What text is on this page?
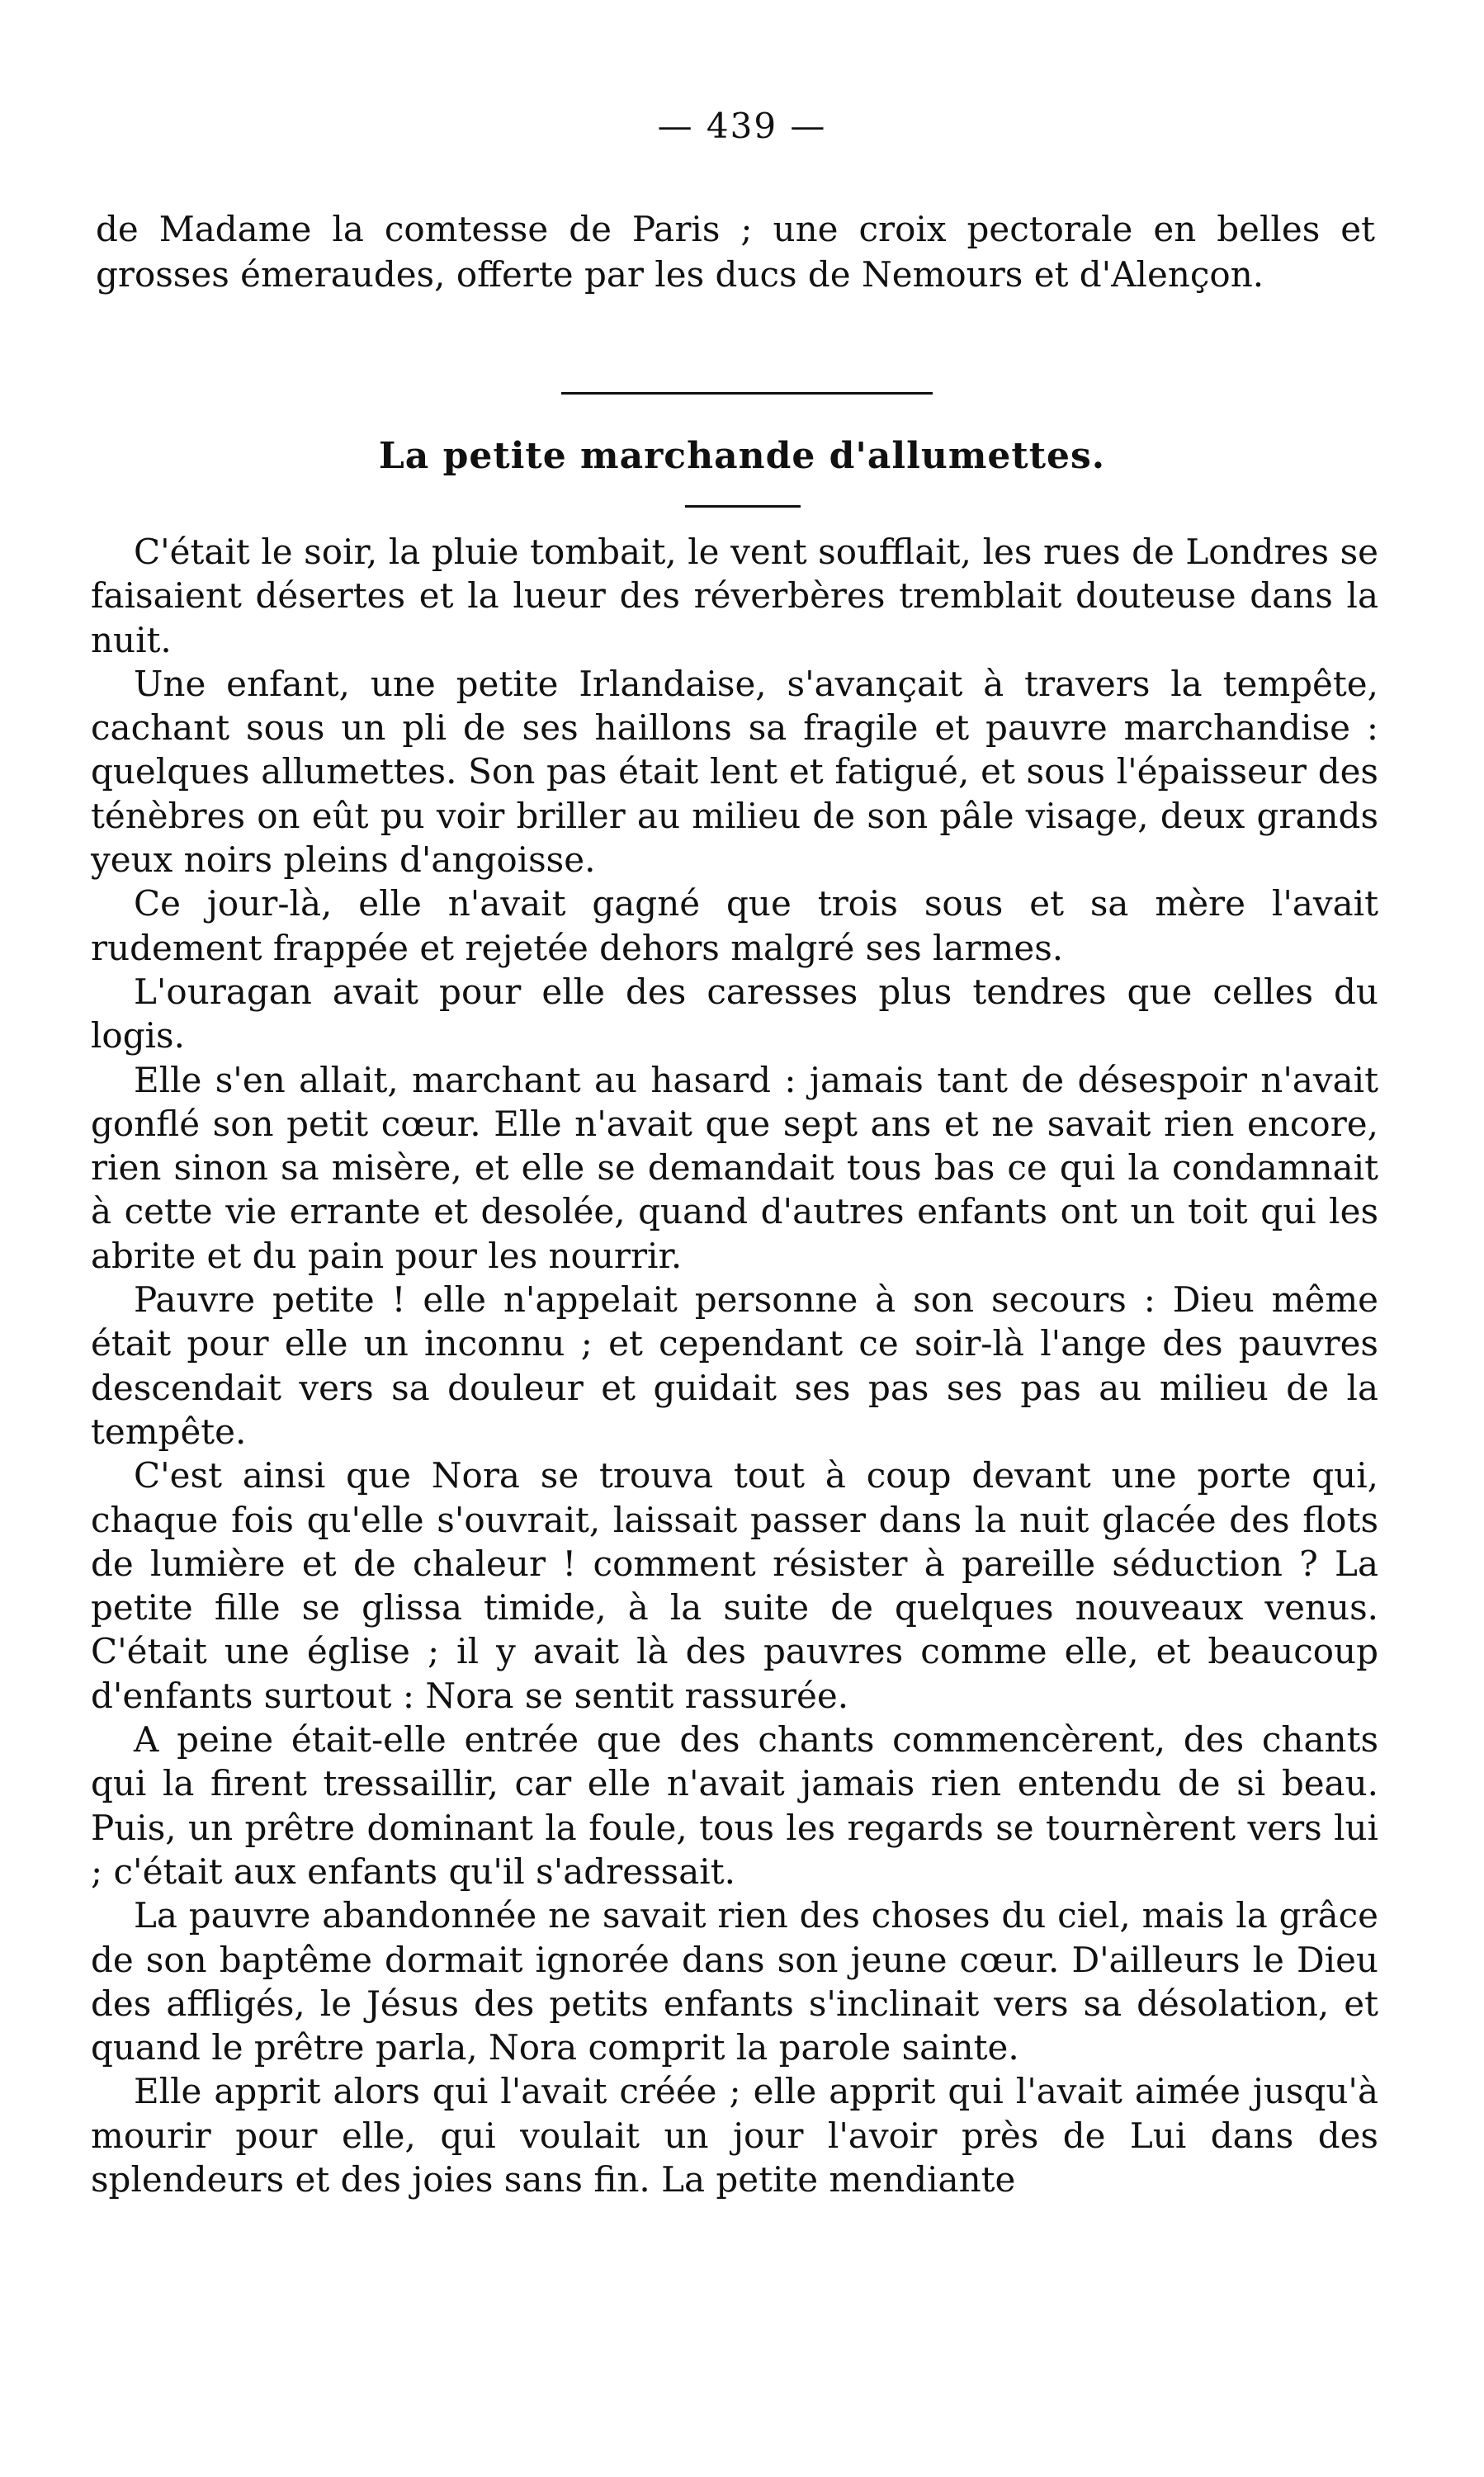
— 439 —
de Madame la comtesse de Paris ; une croix pectorale en belles et grosses émeraudes, offerte par les ducs de Nemours et d'Alençon.
La petite marchande d'allumettes.

C'était le soir, la pluie tombait, le vent soufflait, les rues de Londres se faisaient désertes et la lueur des réverbères tremblait douteuse dans la nuit.

Une enfant, une petite Irlandaise, s'avançait à travers la tempête, cachant sous un pli de ses haillons sa fragile et pauvre marchandise : quelques allumettes. Son pas était lent et fatigué, et sous l'épaisseur des ténèbres on eût pu voir briller au milieu de son pâle visage, deux grands yeux noirs pleins d'angoisse.

Ce jour-là, elle n'avait gagné que trois sous et sa mère l'avait rudement frappée et rejetée dehors malgré ses larmes.

L'ouragan avait pour elle des caresses plus tendres que celles du logis.

Elle s'en allait, marchant au hasard : jamais tant de désespoir n'avait gonflé son petit cœur. Elle n'avait que sept ans et ne savait rien encore, rien sinon sa misère, et elle se demandait tous bas ce qui la condamnait à cette vie errante et desolée, quand d'autres enfants ont un toit qui les abrite et du pain pour les nourrir.

Pauvre petite ! elle n'appelait personne à son secours : Dieu même était pour elle un inconnu ; et cependant ce soir-là l'ange des pauvres descendait vers sa douleur et guidait ses pas ses pas au milieu de la tempête.

C'est ainsi que Nora se trouva tout à coup devant une porte qui, chaque fois qu'elle s'ouvrait, laissait passer dans la nuit glacée des flots de lumière et de chaleur ! comment résister à pareille séduction ? La petite fille se glissa timide, à la suite de quelques nouveaux venus. C'était une église ; il y avait là des pauvres comme elle, et beaucoup d'enfants surtout : Nora se sentit rassurée.

A peine était-elle entrée que des chants commencèrent, des chants qui la firent tressaillir, car elle n'avait jamais rien entendu de si beau. Puis, un prêtre dominant la foule, tous les regards se tournèrent vers lui ; c'était aux enfants qu'il s'adressait.

La pauvre abandonnée ne savait rien des choses du ciel, mais la grâce de son baptême dormait ignorée dans son jeune cœur. D'ailleurs le Dieu des affligés, le Jésus des petits enfants s'inclinait vers sa désolation, et quand le prêtre parla, Nora comprit la parole sainte.

Elle apprit alors qui l'avait créée ; elle apprit qui l'avait aimée jusqu'à mourir pour elle, qui voulait un jour l'avoir près de Lui dans des splendeurs et des joies sans fin. La petite mendiante
